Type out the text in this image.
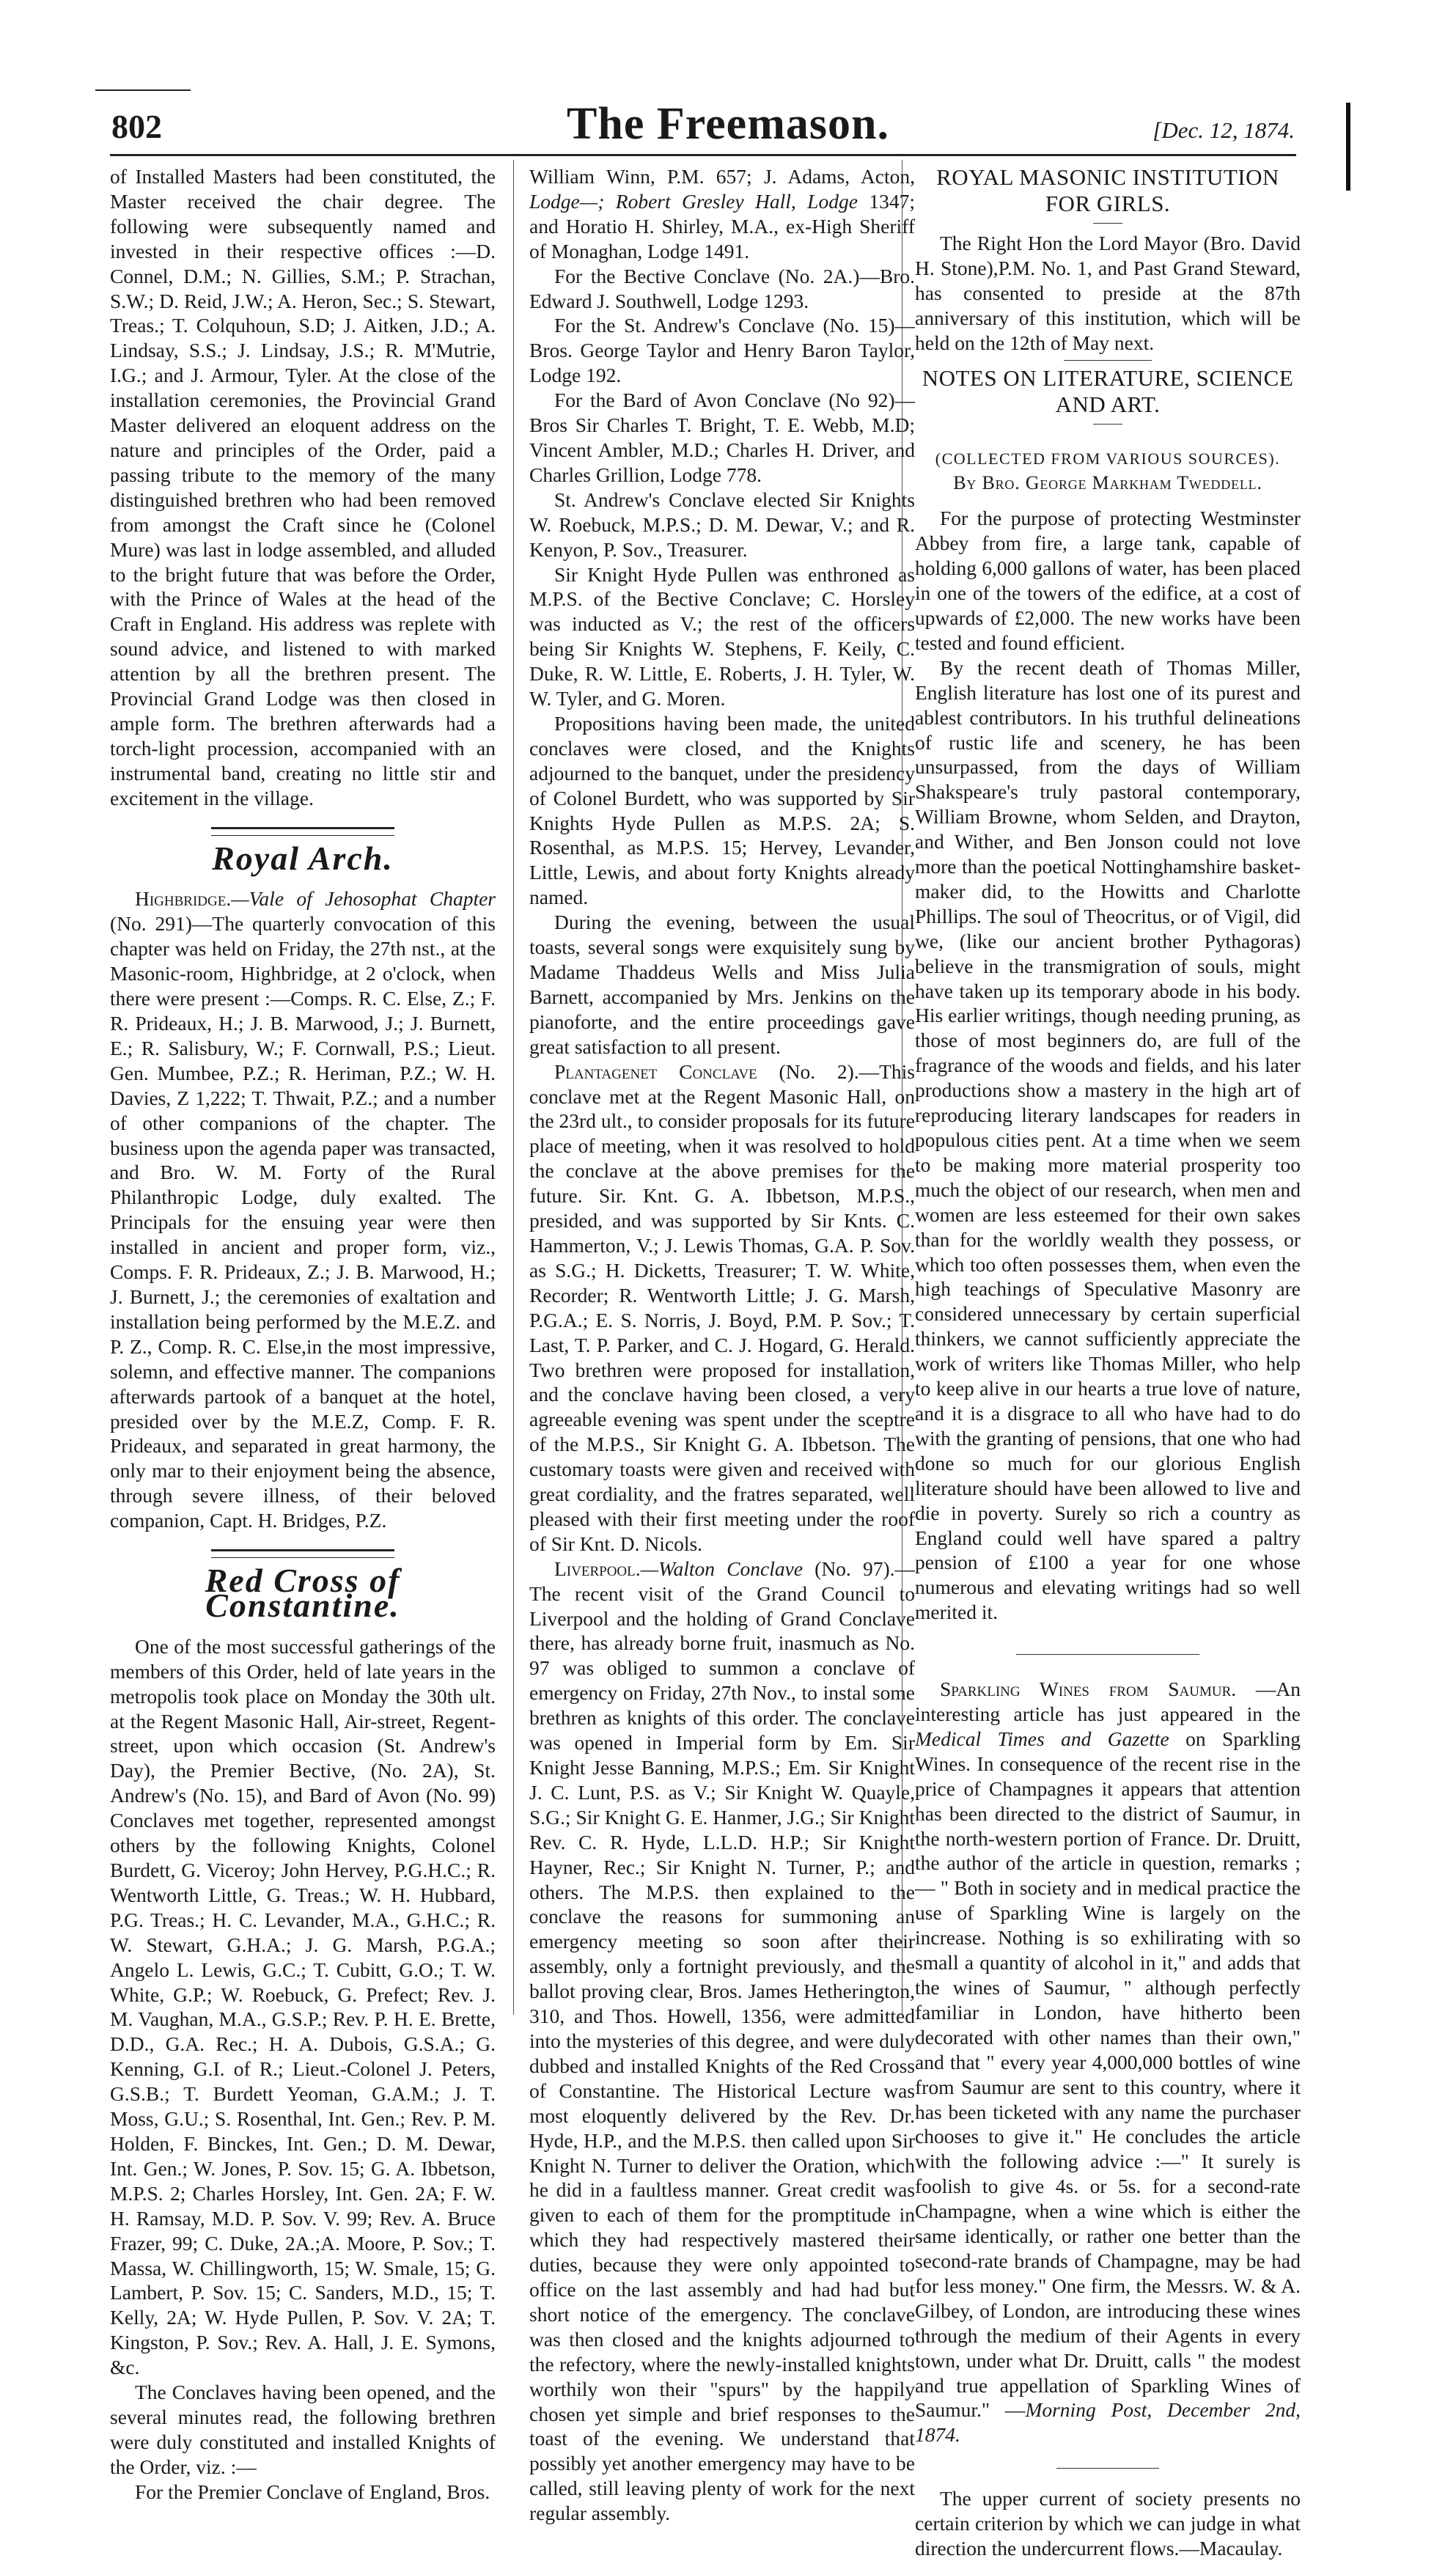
802	The Freemason.	[Dec. 12, 1874.

of Installed Masters had been constituted, the Master received the chair degree. The following were subsequently named and invested in their respective offices :—D. Connel, D.M.; N. Gillies, S.M.; P. Strachan, S.W.; D. Reid, J.W.; A. Heron, Sec.; S. Stewart, Treas.; T. Colquhoun, S.D; J. Aitken, J.D.; A. Lindsay, S.S.; J. Lindsay, J.S.; R. M'Mutrie, I.G.; and J. Armour, Tyler. At the close of the installation ceremonies, the Provincial Grand Master delivered an eloquent address on the nature and principles of the Order, paid a passing tribute to the memory of the many distinguished brethren who had been removed from amongst the Craft since he (Colonel Mure) was last in lodge assembled, and alluded to the bright future that was before the Order, with the Prince of Wales at the head of the Craft in England. His address was replete with sound advice, and listened to with marked attention by all the brethren present. The Provincial Grand Lodge was then closed in ample form. The brethren afterwards had a torch-light procession, accompanied with an instrumental band, creating no little stir and excitement in the village.

Royal Arch.

Highbridge.—Vale of Jehosophat Chapter (No. 291)—The quarterly convocation of this chapter was held on Friday, the 27th nst., at the Masonic-room, Highbridge, at 2 o'clock, when there were present :—Comps. R. C. Else, Z.; F. R. Prideaux, H.; J. B. Marwood, J.; J. Burnett, E.; R. Salisbury, W.; F. Cornwall, P.S.; Lieut. Gen. Mumbee, P.Z.; R. Heriman, P.Z.; W. H. Davies, Z 1,222; T. Thwait, P.Z.; and a number of other companions of the chapter. The business upon the agenda paper was transacted, and Bro. W. M. Forty of the Rural Philanthropic Lodge, duly exalted. The Principals for the ensuing year were then installed in ancient and proper form, viz., Comps. F. R. Prideaux, Z.; J. B. Marwood, H.; J. Burnett, J.; the ceremonies of exaltation and installation being performed by the M.E.Z. and P. Z., Comp. R. C. Else,in the most impressive, solemn, and effective manner. The companions afterwards partook of a banquet at the hotel, presided over by the M.E.Z, Comp. F. R. Prideaux, and separated in great harmony, the only mar to their enjoyment being the absence, through severe illness, of their beloved companion, Capt. H. Bridges, P.Z.

Red Cross of Constantine.

One of the most successful gatherings of the members of this Order, held of late years in the metropolis took place on Monday the 30th ult. at the Regent Masonic Hall, Air-street, Regent-street, upon which occasion (St. Andrew's Day), the Premier Bective, (No. 2A), St. Andrew's (No. 15), and Bard of Avon (No. 99) Conclaves met together, represented amongst others by the following Knights, Colonel Burdett, G. Viceroy; John Hervey, P.G.H.C.; R. Wentworth Little, G. Treas.; W. H. Hubbard, P.G. Treas.; H. C. Levander, M.A., G.H.C.; R. W. Stewart, G.H.A.; J. G. Marsh, P.G.A.; Angelo L. Lewis, G.C.; T. Cubitt, G.O.; T. W. White, G.P.; W. Roebuck, G. Prefect; Rev. J. M. Vaughan, M.A., G.S.P.; Rev. P. H. E. Brette, D.D., G.A. Rec.; H. A. Dubois, G.S.A.; G. Kenning, G.I. of R.; Lieut.-Colonel J. Peters, G.S.B.; T. Burdett Yeoman, G.A.M.; J. T. Moss, G.U.; S. Rosenthal, Int. Gen.; Rev. P. M. Holden, F. Binckes, Int. Gen.; D. M. Dewar, Int. Gen.; W. Jones, P. Sov. 15; G. A. Ibbetson, M.P.S. 2; Charles Horsley, Int. Gen. 2A; F. W. H. Ramsay, M.D. P. Sov. V. 99; Rev. A. Bruce Frazer, 99; C. Duke, 2A.;A. Moore, P. Sov.; T. Massa, W. Chillingworth, 15; W. Smale, 15; G. Lambert, P. Sov. 15; C. Sanders, M.D., 15; T. Kelly, 2A; W. Hyde Pullen, P. Sov. V. 2A; T. Kingston, P. Sov.; Rev. A. Hall, J. E. Symons, &c.

The Conclaves having been opened, and the several minutes read, the following brethren were duly constituted and installed Knights of the Order, viz. :—

For the Premier Conclave of England, Bros.

William Winn, P.M. 657; J. Adams, Acton, Lodge—; Robert Gresley Hall, Lodge 1347; and Horatio H. Shirley, M.A., ex-High Sheriff of Monaghan, Lodge 1491.

For the Bective Conclave (No. 2A.)—Bro. Edward J. Southwell, Lodge 1293.

For the St. Andrew's Conclave (No. 15)—Bros. George Taylor and Henry Baron Taylor, Lodge 192.

For the Bard of Avon Conclave (No 92)—Bros Sir Charles T. Bright, T. E. Webb, M.D; Vincent Ambler, M.D.; Charles H. Driver, and Charles Grillion, Lodge 778.

St. Andrew's Conclave elected Sir Knights W. Roebuck, M.P.S.; D. M. Dewar, V.; and R. Kenyon, P. Sov., Treasurer.

Sir Knight Hyde Pullen was enthroned as M.P.S. of the Bective Conclave; C. Horsley was inducted as V.; the rest of the officers being Sir Knights W. Stephens, F. Keily, C. Duke, R. W. Little, E. Roberts, J. H. Tyler, W. W. Tyler, and G. Moren.

Propositions having been made, the united conclaves were closed, and the Knights adjourned to the banquet, under the presidency of Colonel Burdett, who was supported by Sir Knights Hyde Pullen as M.P.S. 2A; S. Rosenthal, as M.P.S. 15; Hervey, Levander, Little, Lewis, and about forty Knights already named.

During the evening, between the usual toasts, several songs were exquisitely sung by Madame Thaddeus Wells and Miss Julia Barnett, accompanied by Mrs. Jenkins on the pianoforte, and the entire proceedings gave great satisfaction to all present.

Plantagenet Conclave (No. 2).—This conclave met at the Regent Masonic Hall, on the 23rd ult., to consider proposals for its future place of meeting, when it was resolved to hold the conclave at the above premises for the future. Sir. Knt. G. A. Ibbetson, M.P.S., presided, and was supported by Sir Knts. C. Hammerton, V.; J. Lewis Thomas, G.A. P. Sov. as S.G.; H. Dicketts, Treasurer; T. W. White, Recorder; R. Wentworth Little; J. G. Marsh, P.G.A.; E. S. Norris, J. Boyd, P.M. P. Sov.; T. Last, T. P. Parker, and C. J. Hogard, G. Herald. Two brethren were proposed for installation, and the conclave having been closed, a very agreeable evening was spent under the sceptre of the M.P.S., Sir Knight G. A. Ibbetson. The customary toasts were given and received with great cordiality, and the fratres separated, well pleased with their first meeting under the roof of Sir Knt. D. Nicols.

Liverpool.—Walton Conclave (No. 97).—The recent visit of the Grand Council to Liverpool and the holding of Grand Conclave there, has already borne fruit, inasmuch as No. 97 was obliged to summon a conclave of emergency on Friday, 27th Nov., to instal some brethren as knights of this order. The conclave was opened in Imperial form by Em. Sir Knight Jesse Banning, M.P.S.; Em. Sir Knight J. C. Lunt, P.S. as V.; Sir Knight W. Quayle, S.G.; Sir Knight G. E. Hanmer, J.G.; Sir Knight Rev. C. R. Hyde, L.L.D. H.P.; Sir Knight Hayner, Rec.; Sir Knight N. Turner, P.; and others. The M.P.S. then explained to the conclave the reasons for summoning an emergency meeting so soon after their assembly, only a fortnight previously, and the ballot proving clear, Bros. James Hetherington, 310, and Thos. Howell, 1356, were admitted into the mysteries of this degree, and were duly dubbed and installed Knights of the Red Cross of Constantine. The Historical Lecture was most eloquently delivered by the Rev. Dr. Hyde, H.P., and the M.P.S. then called upon Sir Knight N. Turner to deliver the Oration, which he did in a faultless manner. Great credit was given to each of them for the promptitude in which they had respectively mastered their duties, because they were only appointed to office on the last assembly and had had but short notice of the emergency. The conclave was then closed and the knights adjourned to the refectory, where the newly-installed knights worthily won their "spurs" by the happily chosen yet simple and brief responses to the toast of the evening. We understand that possibly yet another emergency may have to be called, still leaving plenty of work for the next regular assembly.

ROYAL MASONIC INSTITUTION
FOR GIRLS.

The Right Hon the Lord Mayor (Bro. David H. Stone),P.M. No. 1, and Past Grand Steward, has consented to preside at the 87th anniversary of this institution, which will be held on the 12th of May next.

NOTES ON LITERATURE, SCIENCE
AND ART.

(COLLECTED FROM VARIOUS SOURCES).

By Bro. George Markham Tweddell.

For the purpose of protecting Westminster Abbey from fire, a large tank, capable of holding 6,000 gallons of water, has been placed in one of the towers of the edifice, at a cost of upwards of £2,000. The new works have been tested and found efficient.

By the recent death of Thomas Miller, English literature has lost one of its purest and ablest contributors. In his truthful delineations of rustic life and scenery, he has been unsurpassed, from the days of William Shakspeare's truly pastoral contemporary, William Browne, whom Selden, and Drayton, and Wither, and Ben Jonson could not love more than the poetical Nottinghamshire basket-maker did, to the Howitts and Charlotte Phillips. The soul of Theocritus, or of Vigil, did we, (like our ancient brother Pythagoras) believe in the transmigration of souls, might have taken up its temporary abode in his body. His earlier writings, though needing pruning, as those of most beginners do, are full of the fragrance of the woods and fields, and his later productions show a mastery in the high art of reproducing literary landscapes for readers in populous cities pent. At a time when we seem to be making more material prosperity too much the object of our research, when men and women are less esteemed for their own sakes than for the worldly wealth they possess, or which too often possesses them, when even the high teachings of Speculative Masonry are considered unnecessary by certain superficial thinkers, we cannot sufficiently appreciate the work of writers like Thomas Miller, who help to keep alive in our hearts a true love of nature, and it is a disgrace to all who have had to do with the granting of pensions, that one who had done so much for our glorious English literature should have been allowed to live and die in poverty. Surely so rich a country as England could well have spared a paltry pension of £100 a year for one whose numerous and elevating writings had so well merited it.

Sparkling Wines from Saumur. —An interesting article has just appeared in the Medical Times and Gazette on Sparkling Wines. In consequence of the recent rise in the price of Champagnes it appears that attention has been directed to the district of Saumur, in the north-western portion of France. Dr. Druitt, the author of the article in question, remarks ;— " Both in society and in medical practice the use of Sparkling Wine is largely on the increase. Nothing is so exhilirating with so small a quantity of alcohol in it," and adds that the wines of Saumur, " although perfectly familiar in London, have hitherto been decorated with other names than their own," and that " every year 4,000,000 bottles of wine from Saumur are sent to this country, where it has been ticketed with any name the purchaser chooses to give it." He concludes the article with the following advice :—" It surely is foolish to give 4s. or 5s. for a second-rate Champagne, when a wine which is either the same identically, or rather one better than the second-rate brands of Champagne, may be had for less money." One firm, the Messrs. W. & A. Gilbey, of London, are introducing these wines through the medium of their Agents in every town, under what Dr. Druitt, calls " the modest and true appellation of Sparkling Wines of Saumur." —Morning Post, December 2nd, 1874.

The upper current of society presents no certain criterion by which we can judge in what direction the undercurrent flows.—Macaulay.
